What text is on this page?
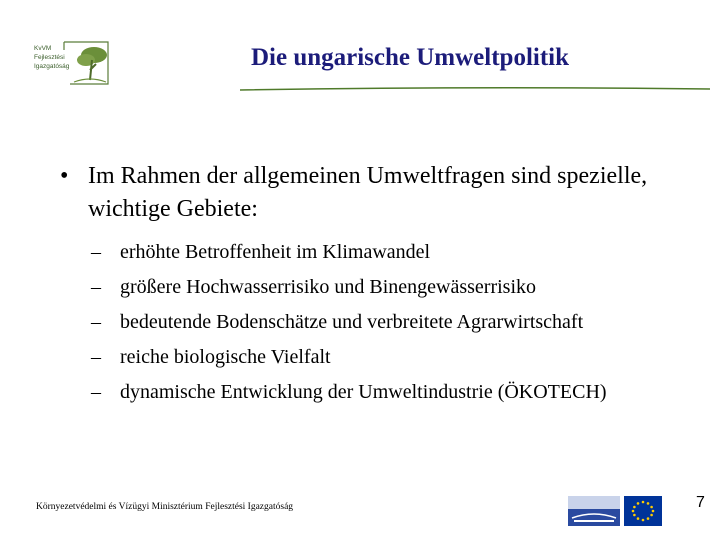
KvVM
Fejlesztési
Igazgatóság	Die ungarische Umweltpolitik
• Im Rahmen der allgemeinen Umweltfragen sind spezielle, wichtige Gebiete:
– erhöhte Betroffenheit im Klimawandel
– größere Hochwasserrisiko und Binengewässerrisiko
– bedeutende Bodenschätze und verbreitete Agrarwirtschaft
– reiche biologische Vielfalt
– dynamische Entwicklung der Umweltindustrie (ÖKOTECH)
Környezetvédelmi és Vízügyi Minisztérium Fejlesztési Igazgatóság	7
